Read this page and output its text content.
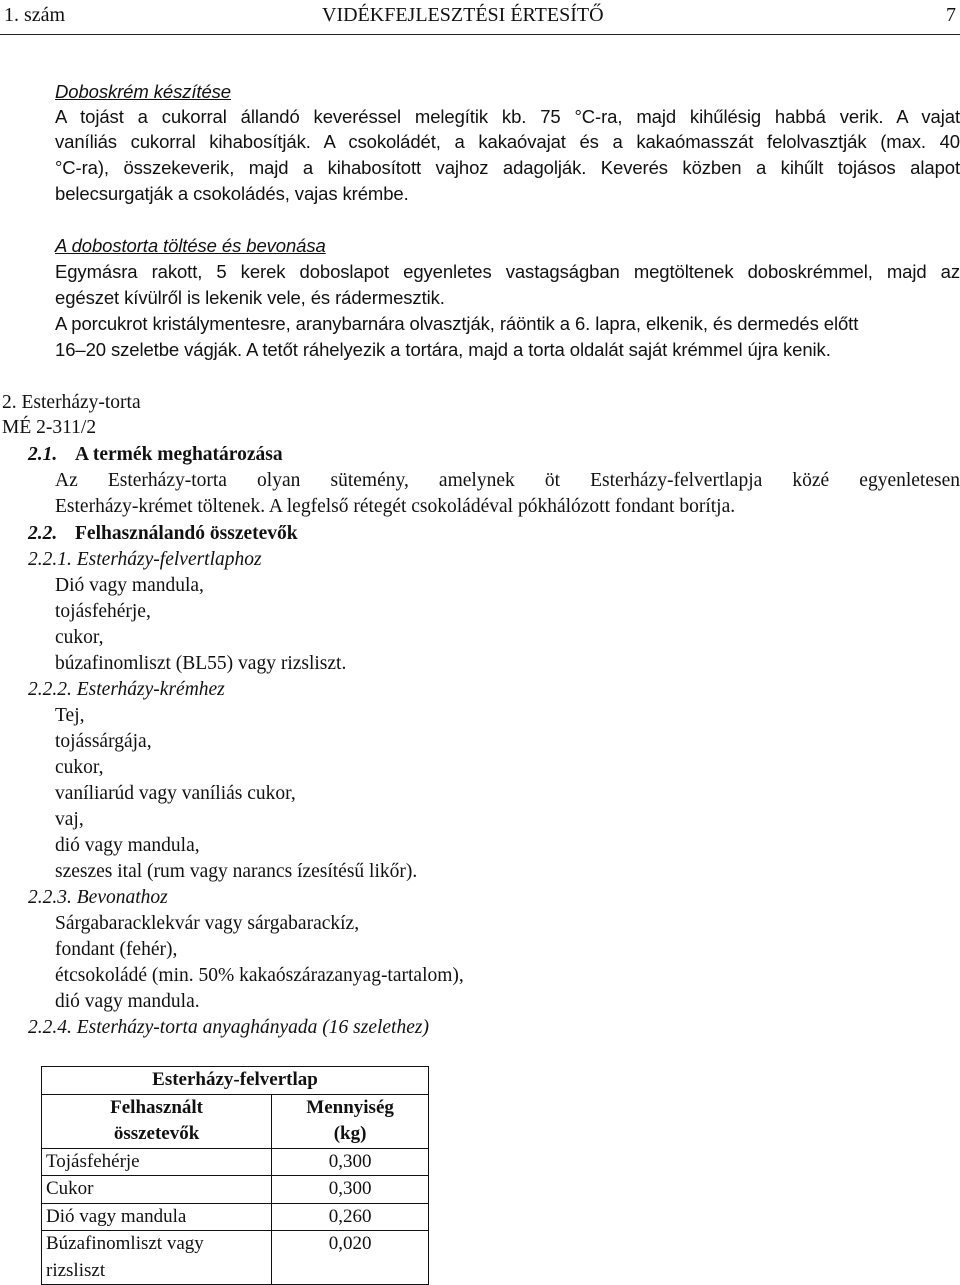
1. szám	VIDÉKFEJLESZTÉSI ÉRTESÍTŐ	7
Doboskrém készítése
A tojást a cukorral állandó keveréssel melegítik kb. 75 °C-ra, majd kihűlésig habbá verik. A vajat
vaníliás cukorral kihabosítják. A csokoládét, a kakaóvajat és a kakaómasszát felolvasztják (max. 40
°C-ra), összekeverik, majd a kihabosított vajhoz adagolják. Keverés közben a kihűlt tojásos alapot
belecsurgatják a csokoládés, vajas krémbe.
A dobostorta töltése és bevonása
Egymásra rakott, 5 kerek doboslapot egyenletes vastagságban megtöltenek doboskrémmel, majd az
egészet kívülről is lekenik vele, és rádermesztik.
A porcukrot kristálymentesre, aranybarnára olvasztják, ráöntik a 6. lapra, elkenik, és dermedés előtt
16–20 szeletbe vágják. A tetőt ráhelyezik a tortára, majd a torta oldalát saját krémmel újra kenik.
2. Esterházy-torta
MÉ 2-311/2
2.1. A termék meghatározása
Az Esterházy-torta olyan sütemény, amelynek öt Esterházy-felvertlapja közé egyenletesen
Esterházy-krémet töltenek. A legfelső rétegét csokoládéval pókhálózott fondant borítja.
2.2. Felhasználandó összetevők
2.2.1. Esterházy-felvertlaphoz
Dió vagy mandula,
tojásfehérje,
cukor,
búzafinomliszt (BL55) vagy rizsliszt.
2.2.2. Esterházy-krémhez
Tej,
tojássárgája,
cukor,
vaníliarúd vagy vaníliás cukor,
vaj,
dió vagy mandula,
szeszes ital (rum vagy narancs ízesítésű likőr).
2.2.3. Bevonathoz
Sárgabaracklekvár vagy sárgabarackíz,
fondant (fehér),
étcsokoládé (min. 50% kakaószárazanyag-tartalom),
dió vagy mandula.
2.2.4. Esterházy-torta anyaghányada (16 szelethez)
Esterházy-felvertlap	
Felhasznált
összetevők	Mennyiség
(kg)
Tojásfehérje	0,300
Cukor	0,300
Dió vagy mandula	0,260
Búzafinomliszt vagy
rizsliszt	0,020
